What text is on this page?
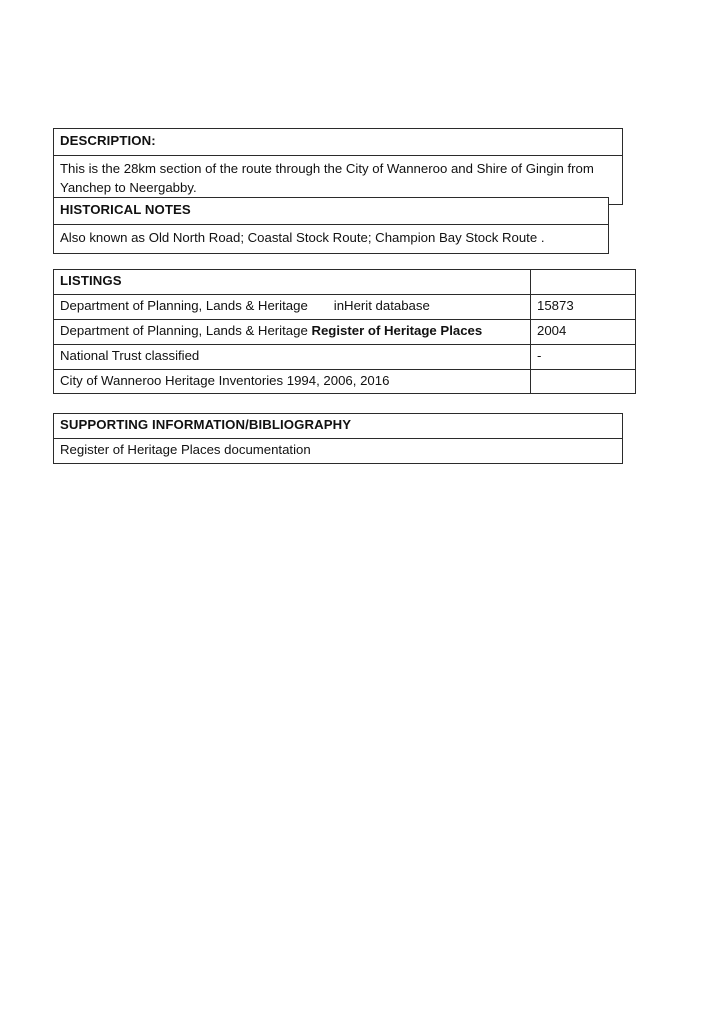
DESCRIPTION:
This is the 28km section of the route through the City of Wanneroo and Shire of Gingin from Yanchep to Neergabby.
HISTORICAL NOTES
Also known as Old North Road; Coastal Stock Route; Champion Bay Stock Route .
LISTINGS	
Department of Planning, Lands & Heritage inHerit database	15873
Department of Planning, Lands & Heritage Register of Heritage Places	2004
National Trust classified	-
City of Wanneroo Heritage Inventories 1994, 2006, 2016	
SUPPORTING INFORMATION/BIBLIOGRAPHY
Register of Heritage Places documentation
